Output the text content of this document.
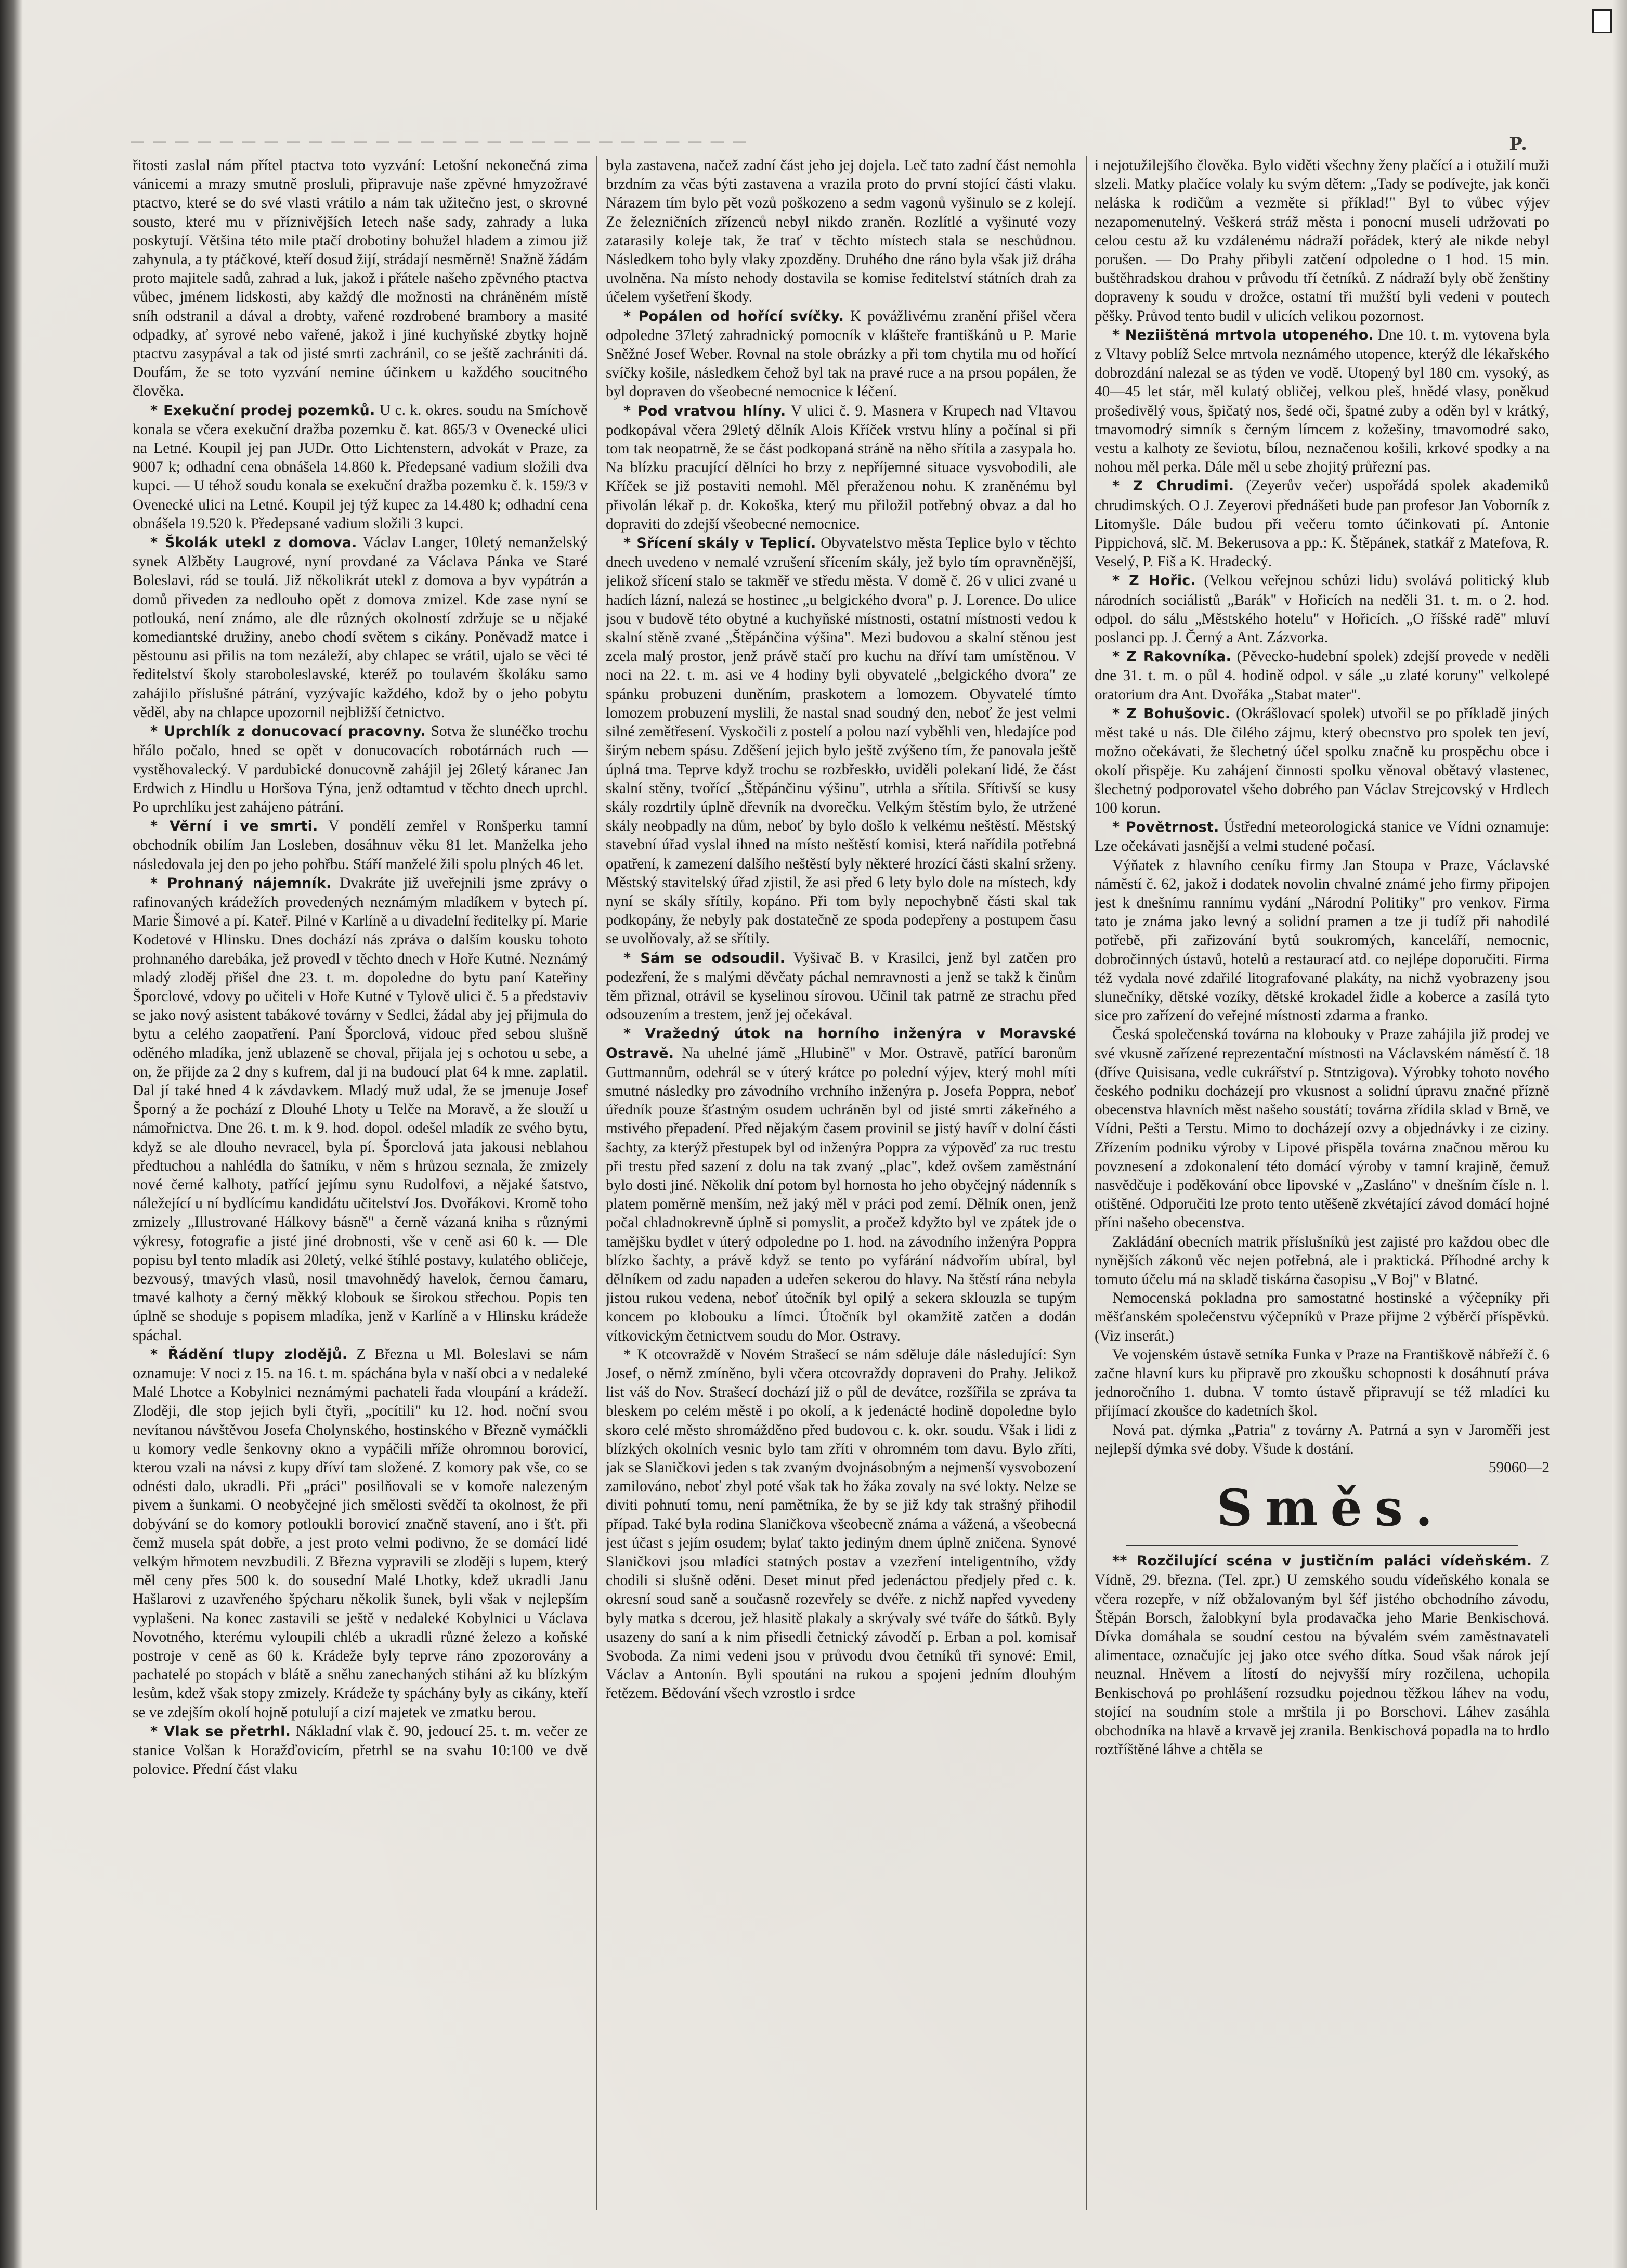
— — — — — — — — — — — — — — — — — — — — — — — — — — — —	P.

řitosti zaslal nám přítel ptactva toto vyzvání: Letošní nekonečná zima vánicemi a mrazy smutně prosluli, připravuje naše zpěvné hmyzožravé ptactvo, které se do své vlasti vrátilo a nám tak užitečno jest, o skrovné sousto, které mu v příznivějších letech naše sady, zahrady a luka poskytují. Většina této mile ptačí drobotiny bohužel hladem a zimou již zahynula, a ty ptáčkové, kteří dosud žijí, strádají nesměrně! Snažně žádám proto majitele sadů, zahrad a luk, jakož i přátele našeho zpěvného ptactva vůbec, jménem lidskosti, aby každý dle možnosti na chráněném místě sníh odstranil a dával a drobty, vařené rozdrobené brambory a masité odpadky, ať syrové nebo vařené, jakož i jiné kuchyňské zbytky hojně ptactvu zasypával a tak od jisté smrti zachránil, co se ještě zachrániti dá. Doufám, že se toto vyzvání nemine účinkem u každého soucitného člověka.

* Exekuční prodej pozemků. U c. k. okres. soudu na Smíchově konala se včera exekuční dražba pozemku č. kat. 865/3 v Ovenecké ulici na Letné. Koupil jej pan JUDr. Otto Lichtenstern, advokát v Praze, za 9007 k; odhadní cena obnášela 14.860 k. Předepsané vadium složili dva kupci. — U téhož soudu konala se exekuční dražba pozemku č. k. 159/3 v Ovenecké ulici na Letné. Koupil jej týž kupec za 14.480 k; odhadní cena obnášela 19.520 k. Předepsané vadium složili 3 kupci.

* Školák utekl z domova. Václav Langer, 10letý nemanželský synek Alžběty Laugrové, nyní provdané za Václava Pánka ve Staré Boleslavi, rád se toulá. Již několikrát utekl z domova a byv vypátrán a domů přiveden za nedlouho opět z domova zmizel. Kde zase nyní se potlouká, není známo, ale dle různých okolností zdržuje se u nějaké komediantské družiny, anebo chodí světem s cikány. Poněvadž matce i pěstounu asi přilis na tom nezáleží, aby chlapec se vrátil, ujalo se věci té ředitelství školy staroboleslavské, kteréž po toulavém školáku samo zahájilo příslušné pátrání, vyzývajíc každého, kdož by o jeho pobytu věděl, aby na chlapce upozornil nejbližší četnictvo.

* Uprchlík z donucovací pracovny. Sotva že slunéčko trochu hřálo počalo, hned se opět v donucovacích robotárnách ruch — vystěhovalecký. V pardubické donucovně zahájil jej 26letý káranec Jan Erdwich z Hindlu u Horšova Týna, jenž odtamtud v těchto dnech uprchl. Po uprchlíku jest zahájeno pátrání.

* Věrní i ve smrti. V pondělí zemřel v Ronšperku tamní obchodník obilím Jan Losleben, dosáhnuv věku 81 let. Manželka jeho následovala jej den po jeho pohřbu. Stáří manželé žili spolu plných 46 let.

* Prohnaný nájemník. Dvakráte již uveřejnili jsme zprávy o rafinovaných krádežích provedených neznámým mladíkem v bytech pí. Marie Šimové a pí. Kateř. Pilné v Karlíně a u divadelní ředitelky pí. Marie Kodetové v Hlinsku. Dnes dochází nás zpráva o dalším kousku tohoto prohnaného darebáka, jež provedl v těchto dnech v Hoře Kutné. Neznámý mladý zloděj přišel dne 23. t. m. dopoledne do bytu paní Kateřiny Šporclové, vdovy po učiteli v Hoře Kutné v Tylově ulici č. 5 a představiv se jako nový asistent tabákové továrny v Sedlci, žádal aby jej přijmula do bytu a celého zaopatření. Paní Šporclová, vidouc před sebou slušně oděného mladíka, jenž ublazeně se choval, přijala jej s ochotou u sebe, a on, že přijde za 2 dny s kufrem, dal ji na budoucí plat 64 k mne. zaplatil. Dal jí také hned 4 k závdavkem. Mladý muž udal, že se jmenuje Josef Šporný a že pochází z Dlouhé Lhoty u Telče na Moravě, a že slouží u námořnictva. Dne 26. t. m. k 9. hod. dopol. odešel mladík ze svého bytu, když se ale dlouho nevracel, byla pí. Šporclová jata jakousi neblahou předtuchou a nahlédla do šatníku, v něm s hrůzou seznala, že zmizely nové černé kalhoty, patřící jejímu synu Rudolfovi, a nějaké šatstvo, náležející u ní bydlícímu kandidátu učitelství Jos. Dvořákovi. Kromě toho zmizely „Illustrované Hálkovy básně" a černě vázaná kniha s různými výkresy, fotografie a jisté jiné drobnosti, vše v ceně asi 60 k. — Dle popisu byl tento mladík asi 20letý, velké štíhlé postavy, kulatého obličeje, bezvousý, tmavých vlasů, nosil tmavohnědý havelok, černou čamaru, tmavé kalhoty a černý měkký klobouk se širokou střechou. Popis ten úplně se shoduje s popisem mladíka, jenž v Karlíně a v Hlinsku krádeže spáchal.

* Řádění tlupy zlodějů. Z Března u Ml. Boleslavi se nám oznamuje: V noci z 15. na 16. t. m. spáchána byla v naší obci a v nedaleké Malé Lhotce a Kobylnici neznámými pachateli řada vloupání a krádeží. Zloději, dle stop jejich byli čtyři, „pocítili" ku 12. hod. noční svou nevítanou návštěvou Josefa Cholynského, hostinského v Březně vymáčkli u komory vedle šenkovny okno a vypáčili mříže ohromnou borovicí, kterou vzali na návsi z kupy dříví tam složené. Z komory pak vše, co se odnésti dalo, ukradli. Při „práci" posilňovali se v komoře nalezeným pivem a šunkami. O neobyčejné jich smělosti svědčí ta okolnost, že při dobývání se do komory potloukli borovicí značně stavení, ano i šťt. při čemž musela spát dobře, a jest proto velmi podivno, že se domácí lidé velkým hřmotem nevzbudili. Z Března vypravili se zloději s lupem, který měl ceny přes 500 k. do sousední Malé Lhotky, kdež ukradli Janu Hašlarovi z uzavřeného špýcharu několik šunek, byli však v nejlepším vyplašeni. Na konec zastavili se ještě v nedaleké Kobylnici u Václava Novotného, kterému vyloupili chléb a ukradli různé železo a koňské postroje v ceně as 60 k. Krádeže byly teprve ráno zpozorovány a pachatelé po stopách v blátě a sněhu zanechaných stiháni až ku blízkým lesům, kdež však stopy zmizely. Krádeže ty spáchány byly as cikány, kteří se ve zdejším okolí hojně potulují a cizí majetek ve zmatku berou.

* Vlak se přetrhl. Nákladní vlak č. 90, jedoucí 25. t. m. večer ze stanice Volšan k Horažďovicím, přetrhl se na svahu 10:100 ve dvě polovice. Přední část vlaku

byla zastavena, načež zadní část jeho jej dojela. Leč tato zadní část nemohla brzdním za včas býti zastavena a vrazila proto do první stojící části vlaku. Nárazem tím bylo pět vozů poškozeno a sedm vagonů vyšinulo se z kolejí. Ze železničních zřízenců nebyl nikdo zraněn. Rozlítlé a vyšinuté vozy zatarasily koleje tak, že trať v těchto místech stala se neschůdnou. Následkem toho byly vlaky zpozděny. Druhého dne ráno byla však již dráha uvolněna. Na místo nehody dostavila se komise ředitelství státních drah za účelem vyšetření škody.

* Popálen od hořící svíčky. K povážlivému zranění přišel včera odpoledne 37letý zahradnický pomocník v klášteře františkánů u P. Marie Sněžné Josef Weber. Rovnal na stole obrázky a při tom chytila mu od hořící svíčky košile, následkem čehož byl tak na pravé ruce a na prsou popálen, že byl dopraven do všeobecné nemocnice k léčení.

* Pod vratvou hlíny. V ulici č. 9. Masnera v Krupech nad Vltavou podkopával včera 29letý dělník Alois Kříček vrstvu hlíny a počínal si při tom tak neopatrně, že se část podkopaná stráně na něho sřítila a zasypala ho. Na blízku pracující dělníci ho brzy z nepříjemné situace vysvobodili, ale Kříček se již postaviti nemohl. Měl přeraženou nohu. K zraněnému byl přivolán lékař p. dr. Kokoška, který mu přiložil potřebný obvaz a dal ho dopraviti do zdejší všeobecné nemocnice.

* Sřícení skály v Teplicí. Obyvatelstvo města Teplice bylo v těchto dnech uvedeno v nemalé vzrušení sřícením skály, jež bylo tím opravněnější, jelikož sřícení stalo se takměř ve středu města. V domě č. 26 v ulici zvané u hadích lázní, nalezá se hostinec „u belgického dvora" p. J. Lorence. Do ulice jsou v budově této obytné a kuchyňské místnosti, ostatní místnosti vedou k skalní stěně zvané „Štěpánčina výšina". Mezi budovou a skalní stěnou jest zcela malý prostor, jenž právě stačí pro kuchu na dříví tam umístěnou. V noci na 22. t. m. asi ve 4 hodiny byli obyvatelé „belgického dvora" ze spánku probuzeni duněním, praskotem a lomozem. Obyvatelé tímto lomozem probuzení myslili, že nastal snad soudný den, neboť že jest velmi silné zemětřesení. Vyskočili z postelí a polou nazí vyběhli ven, hledajíce pod širým nebem spásu. Zděšení jejich bylo ještě zvýšeno tím, že panovala ještě úplná tma. Teprve když trochu se rozbřeskło, uviděli polekaní lidé, že část skalní stěny, tvořící „Štěpánčinu výšinu", utrhla a sřítila. Sřítivší se kusy skály rozdrtily úplně dřevník na dvorečku. Velkým štěstím bylo, že utržené skály neobpadly na dům, neboť by bylo došlo k velkému neštěstí. Městský stavební úřad vyslal ihned na místo neštěstí komisi, která nařídila potřebná opatření, k zamezení dalšího neštěstí byly některé hrozící části skalní srženy. Městský stavitelský úřad zjistil, že asi před 6 lety bylo dole na místech, kdy nyní se skály sřítily, kopáno. Při tom byly nepochybně části skal tak podkopány, že nebyly pak dostatečně ze spoda podepřeny a postupem času se uvolňovaly, až se sřítily.

* Sám se odsoudil. Vyšivač B. v Krasilci, jenž byl zatčen pro podezření, že s malými děvčaty páchal nemravnosti a jenž se takž k činům těm přiznal, otrávil se kyselinou sírovou. Učinil tak patrně ze strachu před odsouzením a trestem, jenž jej očekával.

* Vražedný útok na horního inženýra v Moravské Ostravě. Na uhelné jámě „Hlubině" v Mor. Ostravě, patřící baronům Guttmannům, odehrál se v úterý krátce po polední výjev, který mohl míti smutné následky pro závodního vrchního inženýra p. Josefa Poppra, neboť úředník pouze šťastným osudem uchráněn byl od jisté smrti zákeřného a mstivého přepadení. Před nějakým časem provinil se jistý havíř v dolní části šachty, za kterýž přestupek byl od inženýra Poppra za výpověď za ruc trestu při trestu před sazení z dolu na tak zvaný „plac", kdež ovšem zaměstnání bylo dosti jiné. Několik dní potom byl hornosta ho jeho obyčejný nádenník s platem poměrně menším, než jaký měl v práci pod zemí. Dělník onen, jenž počal chladnokrevně úplně si pomyslit, a pročež kdyžto byl ve zpátek jde o tamějšku bydlet v úterý odpoledne po 1. hod. na závodního inženýra Poppra blízko šachty, a právě když se tento po vyfárání nádvořím ubíral, byl dělníkem od zadu napaden a udeřen sekerou do hlavy. Na štěstí rána nebyla jistou rukou vedena, neboť útočník byl opilý a sekera sklouzla se tupým koncem po klobouku a límci. Útočník byl okamžitě zatčen a dodán vítkovickým četnictvem soudu do Mor. Ostravy.

* K otcovraždě v Novém Strašecí se nám sděluje dále následující: Syn Josef, o němž zmíněno, byli včera otcovraždy dopraveni do Prahy. Jelikož list váš do Nov. Strašecí dochází již o půl de devátce, rozšířila se zpráva ta bleskem po celém městě i po okolí, a k jedenácté hodině dopoledne bylo skoro celé město shromážděno před budovou c. k. okr. soudu. Však i lidi z blízkých okolních vesnic bylo tam zříti v ohromném tom davu. Bylo zříti, jak se Slaničkovi jeden s tak zvaným dvojnásobným a nejmenší vysvobození zamilováno, neboť zbyl poté však tak ho žáka zovaly na své lokty. Nelze se diviti pohnutí tomu, není pamětníka, že by se již kdy tak strašný přihodil případ. Také byla rodina Slaničkova všeobecně známa a vážená, a všeobecná jest účast s jejím osudem; bylať takto jediným dnem úplně zničena. Synové Slaničkovi jsou mladíci statných postav a vzezření inteligentního, vždy chodili si slušně oděni. Deset minut před jedenáctou předjely před c. k. okresní soud saně a současně rozevřely se dvéře. z nichž napřed vyvedeny byly matka s dcerou, jež hlasitě plakaly a skrývaly své tváře do šátků. Byly usazeny do saní a k nim přisedli četnický závodčí p. Erban a pol. komisař Svoboda. Za nimi vedeni jsou v průvodu dvou četníků tři synové: Emil, Václav a Antonín. Byli spoutáni na rukou a spojeni jedním dlouhým řetězem. Bědování všech vzrostlo i srdce

i nejotužilejšího člověka. Bylo viděti všechny ženy plačící a i otužilí muži slzeli. Matky plačíce volaly ku svým dětem: „Tady se podívejte, jak konči neláska k rodičům a vezměte si příklad!" Byl to vůbec výjev nezapomenutelný. Veškerá stráž města i ponocní museli udržovati po celou cestu až ku vzdálenému nádraží pořádek, který ale nikde nebyl porušen. — Do Prahy přibyli zatčení odpoledne o 1 hod. 15 min. buštěhradskou drahou v průvodu tří četníků. Z nádraží byly obě ženštiny dopraveny k soudu v drožce, ostatní tři mužští byli vedeni v poutech pěšky. Průvod tento budil v ulicích velikou pozornost.

* Neziištěná mrtvola utopeného. Dne 10. t. m. vytovena byla z Vltavy poblíž Selce mrtvola neznámého utopence, kterýž dle lékařského dobrozdání nalezal se as týden ve vodě. Utopený byl 180 cm. vysoký, as 40—45 let stár, měl kulatý obličej, velkou pleš, hnědé vlasy, poněkud prošedivělý vous, špičatý nos, šedé oči, špatné zuby a oděn byl v krátký, tmavomodrý simník s černým límcem z kožešiny, tmavomodré sako, vestu a kalhoty ze ševiotu, bílou, neznačenou košili, krkové spodky a na nohou měl perka. Dále měl u sebe zhojitý průřezní pas.

* Z Chrudimi. (Zeyerův večer) uspořádá spolek akademiků chrudimských. O J. Zeyerovi přednášeti bude pan profesor Jan Voborník z Litomyšle. Dále budou při večeru tomto účinkovati pí. Antonie Pippichová, slč. M. Bekerusova a pp.: K. Štěpánek, statkář z Matefova, R. Veselý, P. Fiš a K. Hradecký.

* Z Hořic. (Velkou veřejnou schůzi lidu) svolává politický klub národních sociálistů „Barák" v Hořicích na neděli 31. t. m. o 2. hod. odpol. do sálu „Městského hotelu" v Hořicích. „O říšské radě" mluví poslanci pp. J. Černý a Ant. Zázvorka.

* Z Rakovníka. (Pěvecko-hudební spolek) zdejší provede v neděli dne 31. t. m. o půl 4. hodině odpol. v sále „u zlaté koruny" velkolepé oratorium dra Ant. Dvořáka „Stabat mater".

* Z Bohušovic. (Okrášlovací spolek) utvořil se po příkladě jiných měst také u nás. Dle čilého zájmu, který obecnstvo pro spolek ten jeví, možno očekávati, že šlechetný účel spolku značně ku prospěchu obce i okolí přispěje. Ku zahájení činnosti spolku věnoval obětavý vlastenec, šlechetný podporovatel všeho dobrého pan Václav Strejcovský v Hrdlech 100 korun.

* Povětrnost. Ústřední meteorologická stanice ve Vídni oznamuje: Lze očekávati jasnější a velmi studené počasí.

Výňatek z hlavního ceníku firmy Jan Stoupa v Praze, Václavské náměstí č. 62, jakož i dodatek novolin chvalné známé jeho firmy připojen jest k dnešnímu rannímu vydání „Národní Politiky" pro venkov. Firma tato je známa jako levný a solidní pramen a tze ji tudíž při nahodilé potřebě, při zařizování bytů soukromých, kanceláří, nemocnic, dobročinných ústavů, hotelů a restaurací atd. co nejlépe doporučiti. Firma též vydala nové zdařilé litografované plakáty, na nichž vyobrazeny jsou slunečníky, dětské vozíky, dětské krokadel židle a koberce a zasílá tyto sice pro zařízení do veřejné místnosti zdarma a franko.

Česká společenská továrna na klobouky v Praze zahájila již prodej ve své vkusně zařízené reprezentační místnosti na Václavském náměstí č. 18 (dříve Quisisana, vedle cukrářství p. Stntzigova). Výrobky tohoto nového českého podniku docházejí pro vkusnost a solidní úpravu značné přízně obecenstva hlavních měst našeho soustátí; továrna zřídila sklad v Brně, ve Vídni, Pešti a Terstu. Mimo to docházejí ozvy a objednávky i ze ciziny. Zřízením podniku výroby v Lipové přispěla továrna značnou měrou ku povznesení a zdokonalení této domácí výroby v tamní krajině, čemuž nasvědčuje i poděkování obce lipovské v „Zasláno" v dnešním čísle n. l. otištěné. Odporučiti lze proto tento utěšeně zkvétající závod domácí hojné příni našeho obecenstva.

Zakládání obecních matrik příslušníků jest zajisté pro každou obec dle nynějších zákonů věc nejen potřebná, ale i praktická. Příhodné archy k tomuto účelu má na skladě tiskárna časopisu „V Boj" v Blatné.

Nemocenská pokladna pro samostatné hostinské a výčepníky při měšťanském společenstvu výčepníků v Praze přijme 2 výběrčí příspěvků. (Viz inserát.)

Ve vojenském ústavě setníka Funka v Praze na Františkově nábřeží č. 6 začne hlavní kurs ku připravě pro zkoušku schopnosti k dosáhnutí práva jednoročního 1. dubna. V tomto ústavě připravují se též mladíci ku přijímací zkoušce do kadetních škol.

Nová pat. dýmka „Patria" z továrny A. Patrná a syn v Jaroměři jest nejlepší dýmka své doby. Všude k dostání.

59060—2

Směs.

** Rozčilující scéna v justičním paláci vídeňském. Z Vídně, 29. března. (Tel. zpr.) U zemského soudu vídeňského konala se včera rozepře, v níž obžalovaným byl šéf jistého obchodního závodu, Štěpán Borsch, žalobkyní byla prodavačka jeho Marie Benkischová. Dívka domáhala se soudní cestou na bývalém svém zaměstnavateli alimentace, označujíc jej jako otce svého dítka. Soud však nárok její neuznal. Hněvem a lítostí do nejvyšší míry rozčilena, uchopila Benkischová po prohlášení rozsudku pojednou těžkou láhev na vodu, stojící na soudním stole a mrštila ji po Borschovi. Láhev zasáhla obchodníka na hlavě a krvavě jej zranila. Benkischová popadla na to hrdlo roztříštěné láhve a chtěla se
